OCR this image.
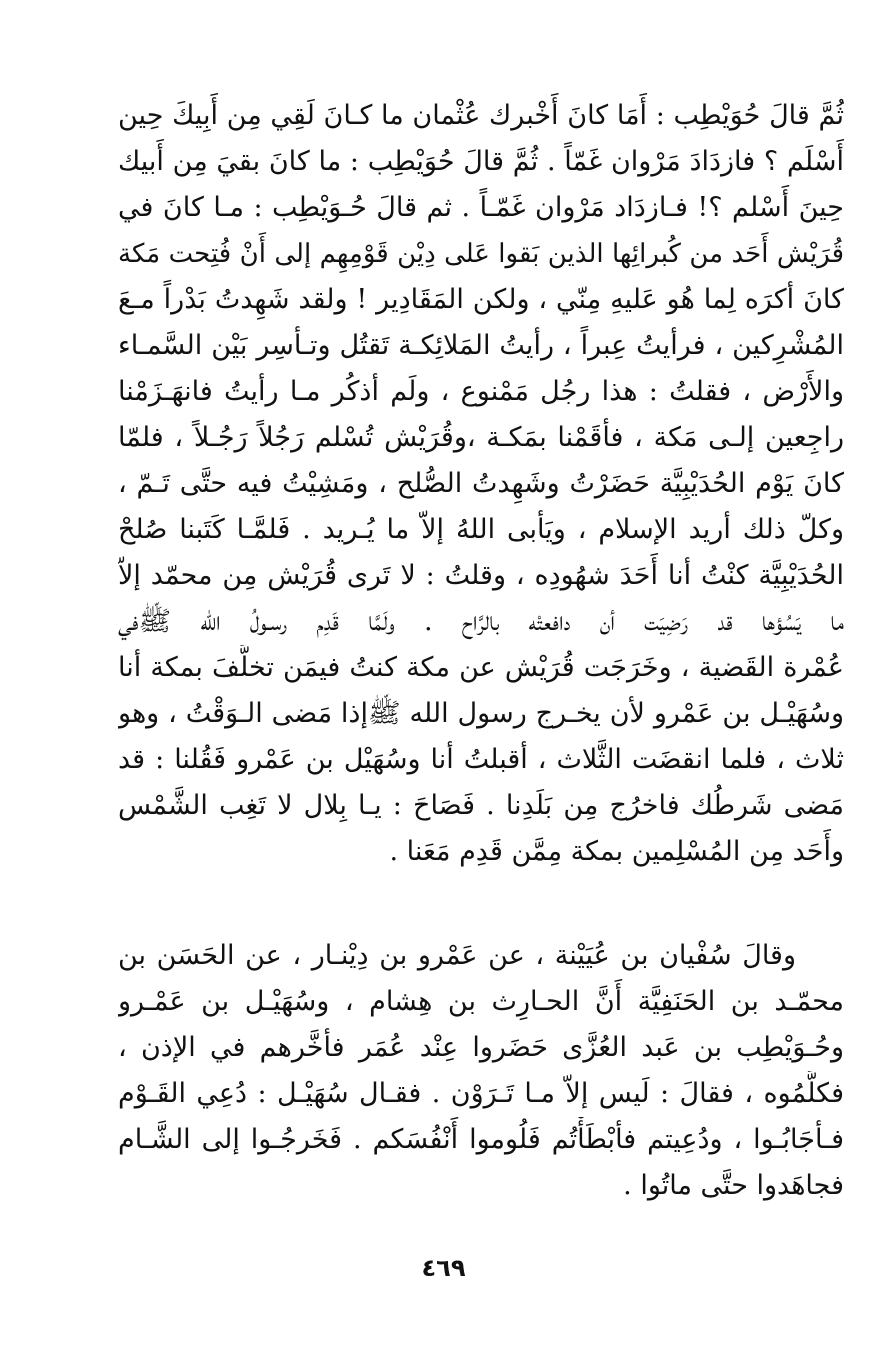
ثُمَّ قالَ حُوَيْطِب : أَمَا كانَ أَخْبرك عُثْمان ما كـانَ لَقِي مِن أَبِيكَ حِين
أَسْلَم ؟ فازدَادَ مَرْوان غَمّاً . ثُمَّ قالَ حُوَيْطِب : ما كانَ بقيَ مِن أَبيك
حِينَ أَسْلم ؟! فـازدَاد مَرْوان غَمّـاً . ثم قالَ حُـوَيْطِب : مـا كانَ في
قُرَيْش أَحَد من كُبرائِها الذين بَقوا عَلى دِيْن قَوْمِهِم إلى أَنْ فُتِحت مَكة
كانَ أكرَه لِما هُو عَليهِ مِنّي ، ولكن المَقَادِير ! ولقد شَهِدتُ بَدْراً مـعَ
المُشْرِكين ، فرأيتُ عِبراً ، رأيتُ المَلائِكـة تَقتُل وتـأسِر بَيْن السَّمـاء
والأَرْض ، فقلتُ : هذا رجُل مَمْنوع ، ولَم أذكُر مـا رأيتُ فانهَـزَمْنا
راجِعين إلـى مَكة ، فأقَمْنا بمَكـة ،وقُرَيْش تُسْلم رَجُلاً رَجُـلاً ، فلمّا
كانَ يَوْم الحُدَيْبِيَّة حَضَرْتُ وشَهِدتُ الصُّلح ، ومَشِيْتُ فيه حتَّى تَـمّ ،
وكلّ ذلك أريد الإسلام ، ويَأبى اللهُ إلاّ ما يُـريد . فَلمَّـا كَتَبنا صُلحْ
الحُدَيْبِيَّة كنْتُ أنا أَحَدَ شهُودِه ، وقلتُ : لا تَرى قُرَيْش مِن محمّد إلاّ
ما يَسُؤها قد رَضِيَت أن دافعتْه بالرَّاح . ولَمَّا قَدِم رسـولُ الله ﷺفي
عُمْرة القَضية ، وخَرَجَت قُرَيْش عن مكة كنتُ فيمَن تخلَّفَ بمكة أنا
وسُهَيْـل بن عَمْرو لأن يخـرج رسول الله ﷺإذا مَضى الـوَقْتُ ، وهو
ثلاث ، فلما انقضَت الثَّلاث ، أقبلتُ أنا وسُهَيْل بن عَمْرو فَقُلنا : قد
مَضى شَرطُك فاخرُج مِن بَلَدِنا . فَصَاحَ : يـا بِلال لا تَغِب الشَّمْس
وأَحَد مِن المُسْلِمين بمكة مِمَّن قَدِم مَعَنا .
وقالَ سُفْيان بن عُيَيْنة ، عن عَمْرو بن دِيْنـار ، عن الحَسَن بن
محمّـد بن الحَنَفِيَّة أَنَّ الحـارِث بن هِشام ، وسُهَيْـل بن عَمْـرو
وحُـوَيْطِب بن عَبد العُزَّى حَضَروا عِنْد عُمَر فأخَّرهم في الإذن ،
فكلَّمُوه ، فقالَ : لَيس إلاّ مـا تَـرَوْن . فقـال سُهَيْـل : دُعِي القَـوْم
فـأجَابُـوا ، ودُعِيتم فأبْطَأْتُم فَلُوموا أَنْفُسَكم . فَخَرجُـوا إلى الشَّـام
فجاهَدوا حتَّى ماتُوا .
٤٦٩
